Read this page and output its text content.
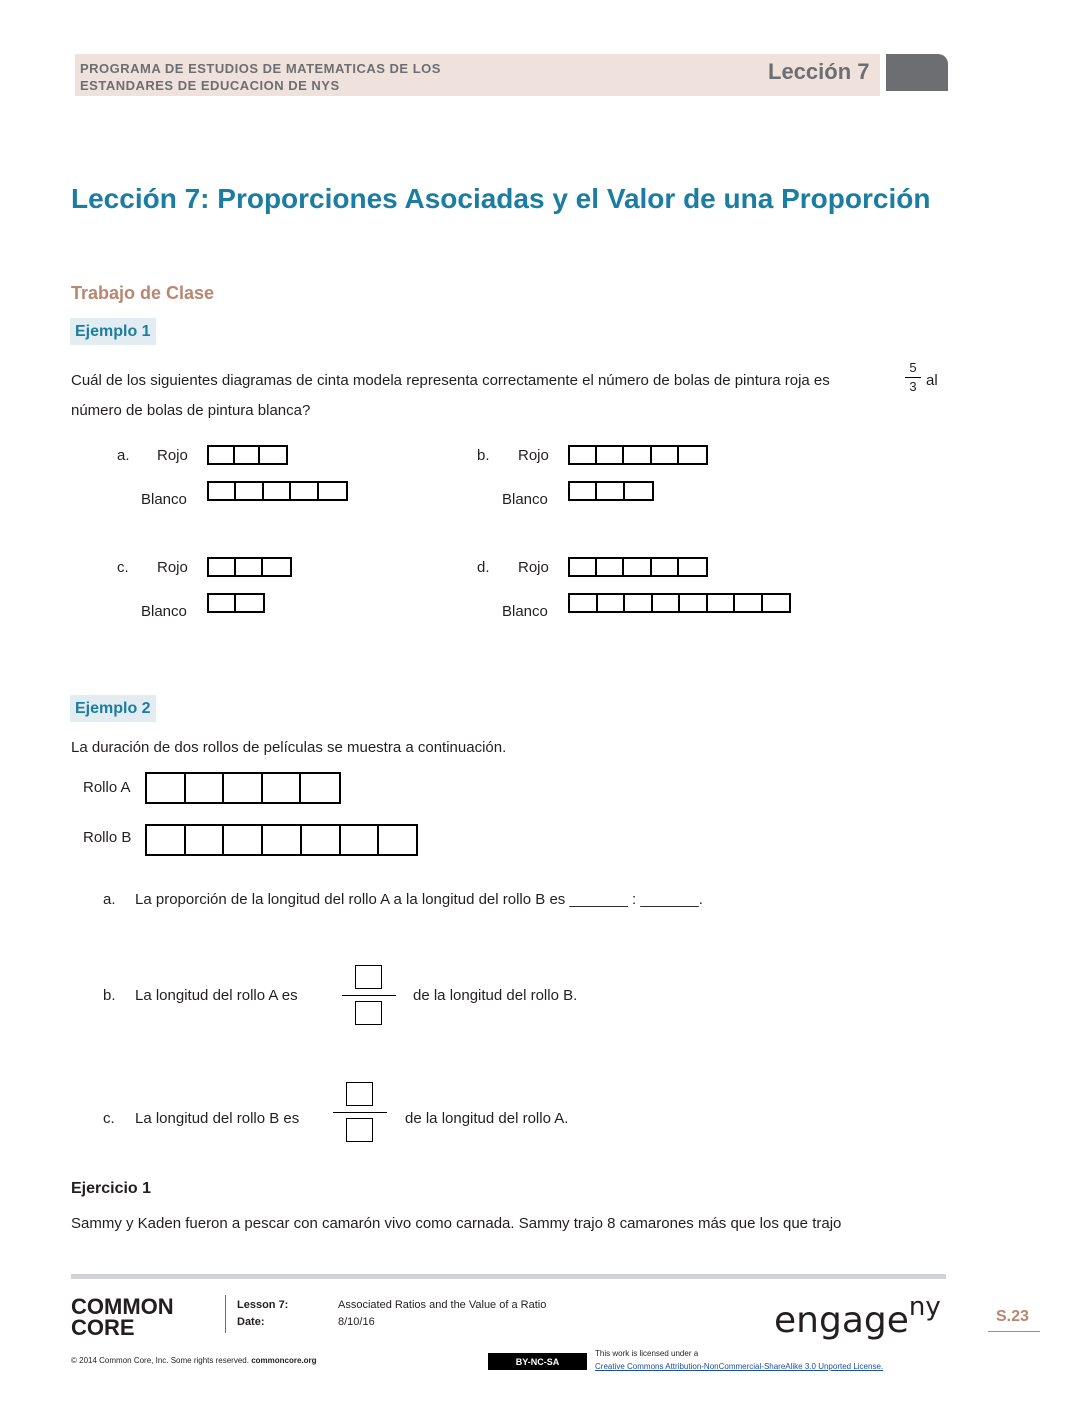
PROGRAMA DE ESTUDIOS DE MATEMATICAS DE LOS
ESTANDARES DE EDUCACION DE NYS
Lección 7
Lección 7: Proporciones Asociadas y el Valor de una Proporción
Trabajo de Clase
Ejemplo 1
Cuál de los siguientes diagramas de cinta modela representa correctamente el número de bolas de pintura roja es
5
3 al
número de bolas de pintura blanca?
a. Rojo
Blanco
b. Rojo
Blanco
c. Rojo
Blanco
d. Rojo
Blanco
Ejemplo 2
La duración de dos rollos de películas se muestra a continuación.
Rollo A
Rollo B
a. La proporción de la longitud del rollo A a la longitud del rollo B es _______ : _______.
b. La longitud del rollo A es	de la longitud del rollo B.
c. La longitud del rollo B es	de la longitud del rollo A.
Ejercicio 1
Sammy y Kaden fueron a pescar con camarón vivo como carnada. Sammy trajo 8 camarones más que los que trajo
COMMON
CORE
Lesson 7:
Date:
Associated Ratios and the Value of a Ratio
8/10/16
© 2014 Common Core, Inc. Some rights reserved. commoncore.org	BY-NC-SA
This work is licensed under a
Creative Commons Attribution-NonCommercial-ShareAlike 3.0 Unported License.
engage$^{ny}$	S.23
